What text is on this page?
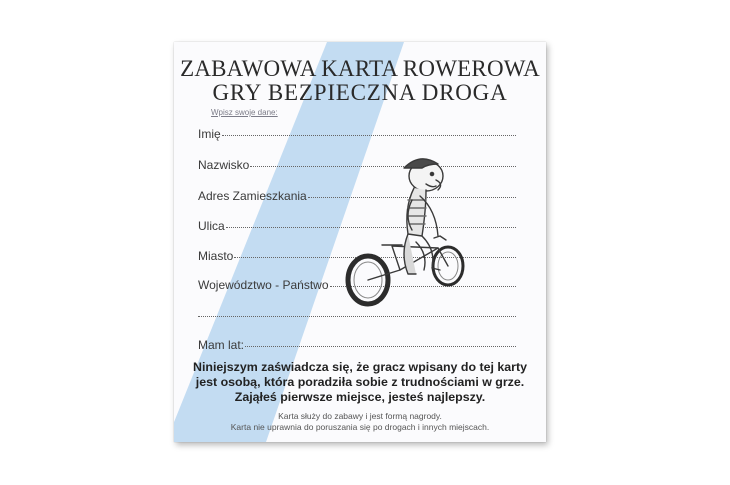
ZABAWOWA KARTA ROWEROWA
GRY BEZPIECZNA DROGA
Wpisz swoje dane:
Imię
Nazwisko
Adres Zamieszkania
Ulica
Miasto
Województwo - Państwo
Mam lat:
Niniejszym zaświadcza się, że gracz wpisany do tej karty
jest osobą, która poradziła sobie z trudnościami w grze.
Zająłeś pierwsze miejsce, jesteś najlepszy.
Karta służy do zabawy i jest formą nagrody.
Karta nie uprawnia do poruszania się po drogach i innych miejscach.
